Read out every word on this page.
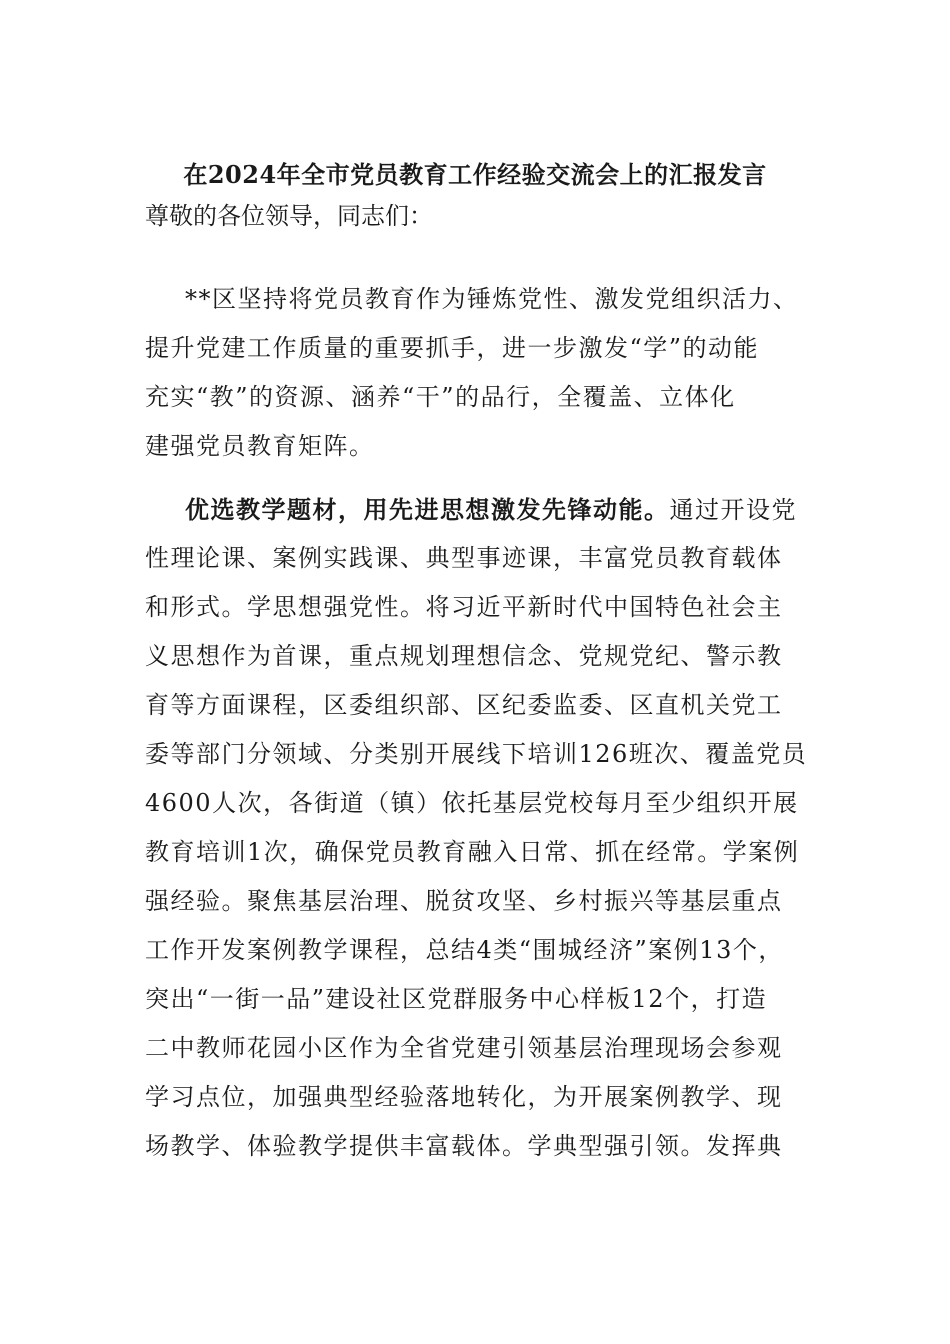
在2024年全市党员教育工作经验交流会上的汇报发言
尊敬的各位领导，同志们：
**区坚持将党员教育作为锤炼党性、激发党组织活力、
提升党建工作质量的重要抓手，进一步激发“学”的动能
充实“教”的资源、涵养“干”的品行，全覆盖、立体化
建强党员教育矩阵。
优选教学题材，用先进思想激发先锋动能。通过开设党
性理论课、案例实践课、典型事迹课，丰富党员教育载体
和形式。学思想强党性。将习近平新时代中国特色社会主
义思想作为首课，重点规划理想信念、党规党纪、警示教
育等方面课程，区委组织部、区纪委监委、区直机关党工
委等部门分领域、分类别开展线下培训126班次、覆盖党员
4600人次，各街道（镇）依托基层党校每月至少组织开展
教育培训1次，确保党员教育融入日常、抓在经常。学案例
强经验。聚焦基层治理、脱贫攻坚、乡村振兴等基层重点
工作开发案例教学课程，总结4类“围城经济”案例13个，
突出“一街一品”建设社区党群服务中心样板12个，打造
二中教师花园小区作为全省党建引领基层治理现场会参观
学习点位，加强典型经验落地转化，为开展案例教学、现
场教学、体验教学提供丰富载体。学典型强引领。发挥典
